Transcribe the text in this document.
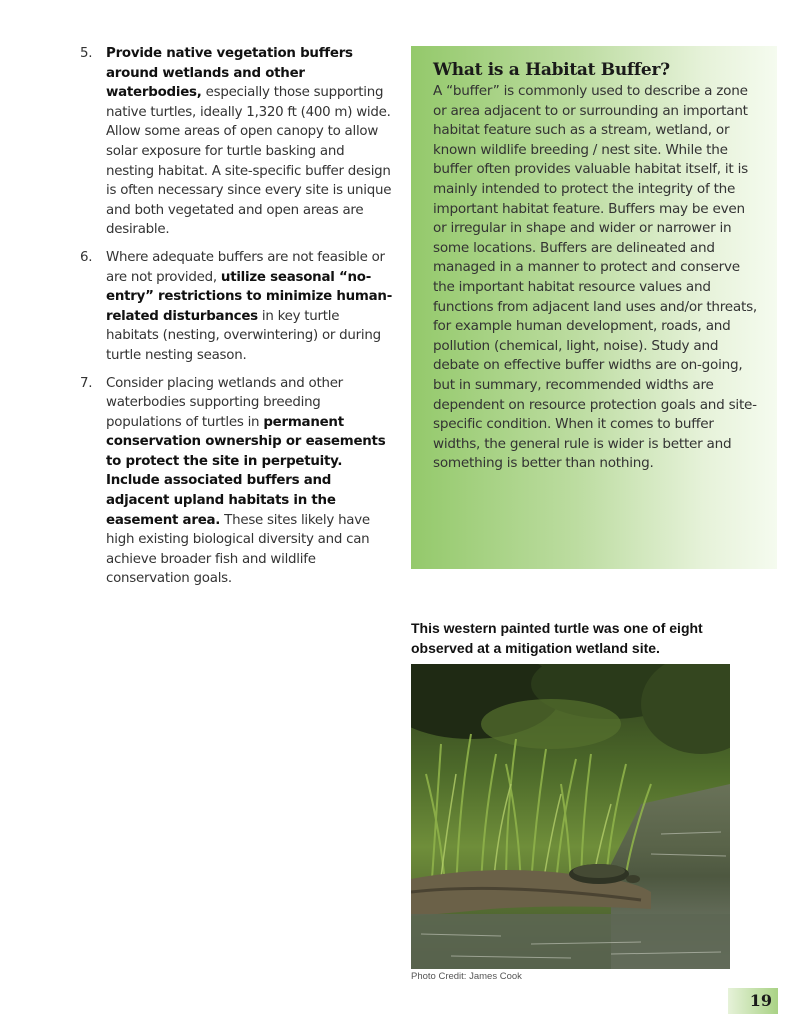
5. Provide native vegetation buffers around wetlands and other waterbodies, especially those supporting native turtles, ideally 1,320 ft (400 m) wide. Allow some areas of open canopy to allow solar exposure for turtle basking and nesting habitat. A site-specific buffer design is often necessary since every site is unique and both vegetated and open areas are desirable.
6. Where adequate buffers are not feasible or are not provided, utilize seasonal “no-entry” restrictions to minimize human-related disturbances in key turtle habitats (nesting, overwintering) or during turtle nesting season.
7. Consider placing wetlands and other waterbodies supporting breeding populations of turtles in permanent conservation ownership or easements to protect the site in perpetuity. Include associated buffers and adjacent upland habitats in the easement area. These sites likely have high existing biological diversity and can achieve broader fish and wildlife conservation goals.
What is a Habitat Buffer?

A “buffer” is commonly used to describe a zone or area adjacent to or surrounding an important habitat feature such as a stream, wetland, or known wildlife breeding / nest site. While the buffer often provides valuable habitat itself, it is mainly intended to protect the integrity of the important habitat feature. Buffers may be even or irregular in shape and wider or narrower in some locations. Buffers are delineated and managed in a manner to protect and conserve the important habitat resource values and functions from adjacent land uses and/or threats, for example human development, roads, and pollution (chemical, light, noise). Study and debate on effective buffer widths are on-going, but in summary, recommended widths are dependent on resource protection goals and site-specific condition. When it comes to buffer widths, the general rule is wider is better and something is better than nothing.

This western painted turtle was one of eight observed at a mitigation wetland site.
Photo Credit: James Cook
19
